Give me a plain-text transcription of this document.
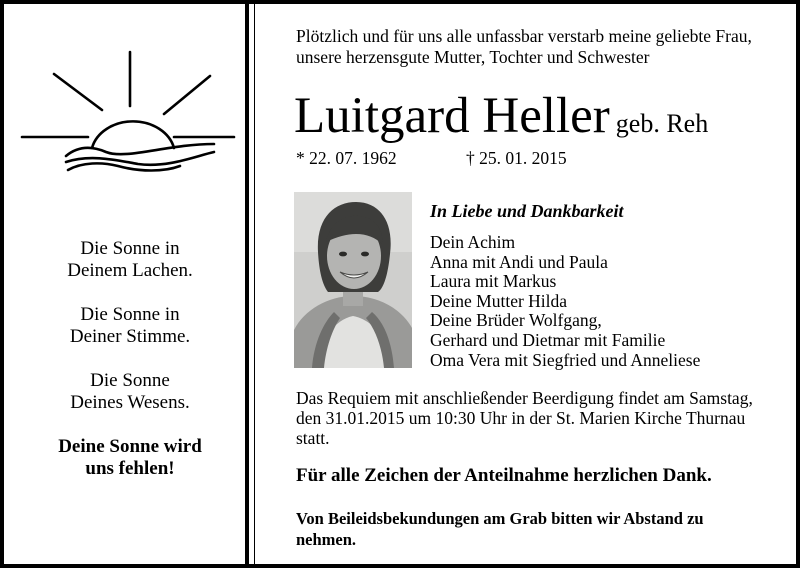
Die Sonne in
Deinem Lachen.

Die Sonne in
Deiner Stimme.

Die Sonne
Deines Wesens.

Deine Sonne wird
uns fehlen!

Plötzlich und für uns alle unfassbar verstarb meine geliebte Frau, unsere herzensgute Mutter, Tochter und Schwester
Luitgard Heller geb. Reh
* 22. 07. 1962	† 25. 01. 2015
In Liebe und Dankbarkeit
Dein Achim
Anna mit Andi und Paula
Laura mit Markus
Deine Mutter Hilda
Deine Brüder Wolfgang,
Gerhard und Dietmar mit Familie
Oma Vera mit Siegfried und Anneliese
Das Requiem mit anschließender Beerdigung findet am Samstag, den 31.01.2015 um 10:30 Uhr in der St. Marien Kirche Thurnau statt.
Für alle Zeichen der Anteilnahme herzlichen Dank.
Von Beileidsbekundungen am Grab bitten wir Abstand zu nehmen.
